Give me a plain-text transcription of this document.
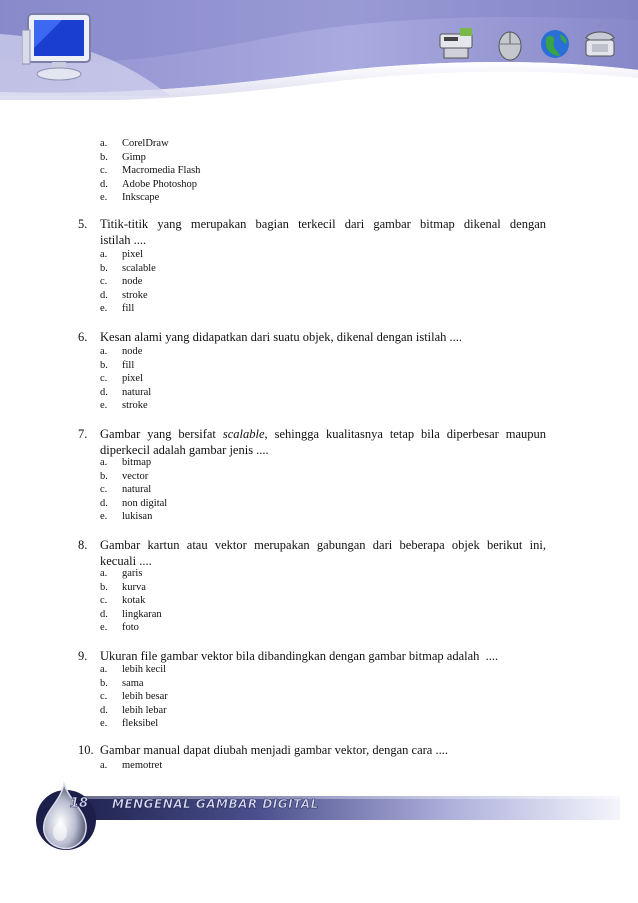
a. CorelDraw
b. Gimp
c. Macromedia Flash
d. Adobe Photoshop
e. Inkscape
5. Titik-titik yang merupakan bagian terkecil dari gambar bitmap dikenal dengan
istilah ....
a. pixel
b. scalable
c. node
d. stroke
e. fill
6. Kesan alami yang didapatkan dari suatu objek, dikenal dengan istilah ....
a. node
b. fill
c. pixel
d. natural
e. stroke
7. Gambar yang bersifat scalable, sehingga kualitasnya tetap bila diperbesar maupun
diperkecil adalah gambar jenis ....
a. bitmap
b. vector
c. natural
d. non digital
e. lukisan
8. Gambar kartun atau vektor merupakan gabungan dari beberapa objek berikut ini,
kecuali ....
a. garis
b. kurva
c. kotak
d. lingkaran
e. foto
9. Ukuran file gambar vektor bila dibandingkan dengan gambar bitmap adalah  ....
a. lebih kecil
b. sama
c. lebih besar
d. lebih lebar
e. fleksibel
10. Gambar manual dapat diubah menjadi gambar vektor, dengan cara ....
a. memotret
18 MENGENAL GAMBAR DIGITAL
